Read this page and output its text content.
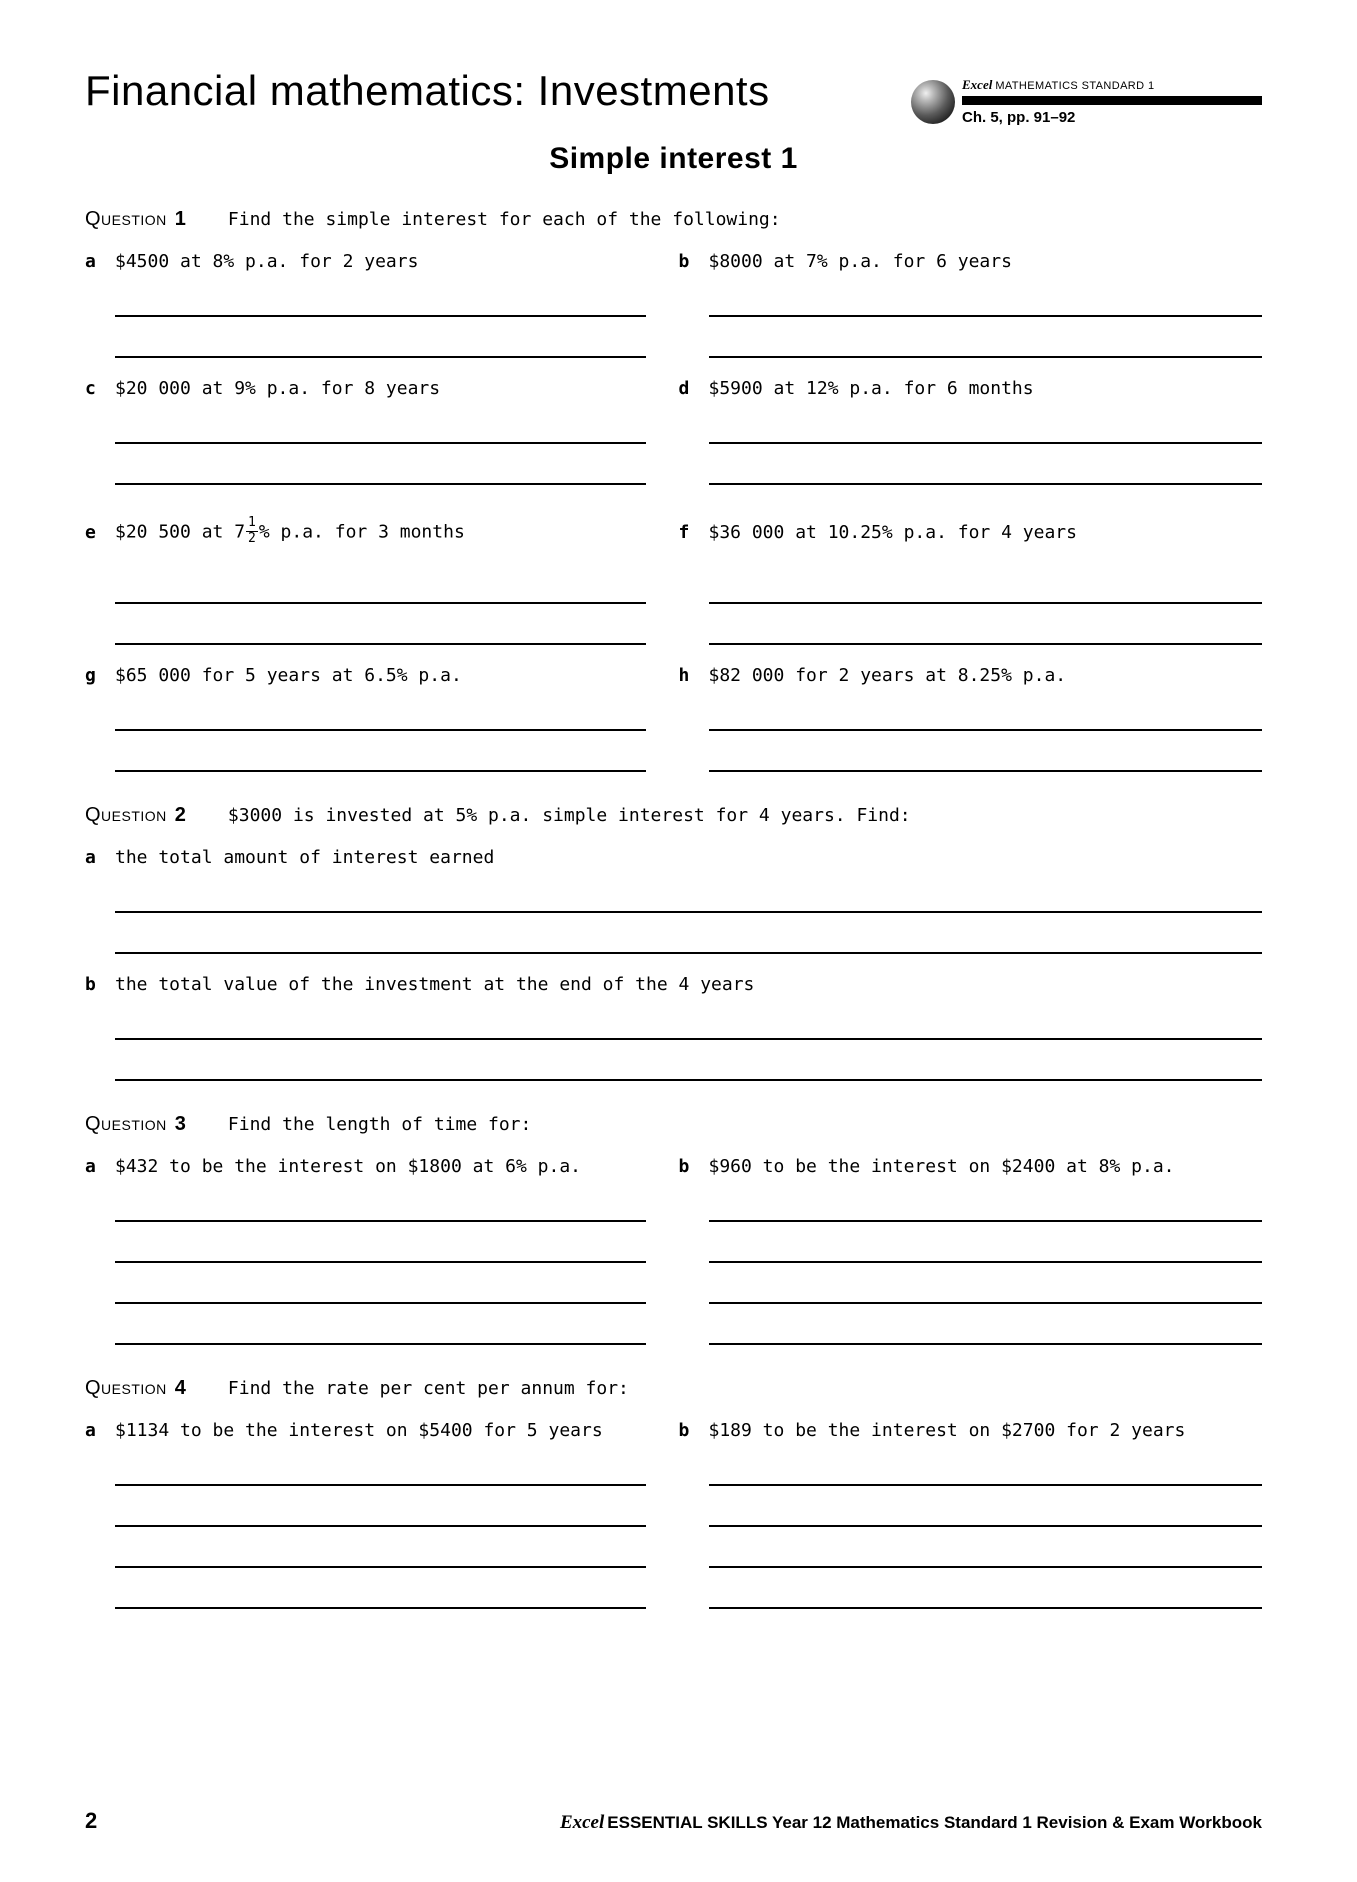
Financial mathematics: Investments	Excel MATHEMATICS STANDARD 1
Ch. 5, pp. 91–92
Simple interest 1
Question 1 Find the simple interest for each of the following:
a	$4500 at 8% p.a. for 2 years	b	$8000 at 7% p.a. for 6 years
c	$20 000 at 9% p.a. for 8 years	d	$5900 at 12% p.a. for 6 months
e	$20 500 at $7 \frac{1}{2}$ % p.a. for 3 months	f	$36 000 at 10.25% p.a. for 4 years
g	$65 000 for 5 years at 6.5% p.a.	h	$82 000 for 2 years at 8.25% p.a.
Question 2 $3000 is invested at 5% p.a. simple interest for 4 years. Find:
a	the total amount of interest earned
b	the total value of the investment at the end of the 4 years
Question 3 Find the length of time for:
a	$432 to be the interest on $1800 at 6% p.a.	b	$960 to be the interest on $2400 at 8% p.a.
Question 4 Find the rate per cent per annum for:
a	$1134 to be the interest on $5400 for 5 years	b	$189 to be the interest on $2700 for 2 years
2	Excel ESSENTIAL SKILLS Year 12 Mathematics Standard 1 Revision & Exam Workbook
